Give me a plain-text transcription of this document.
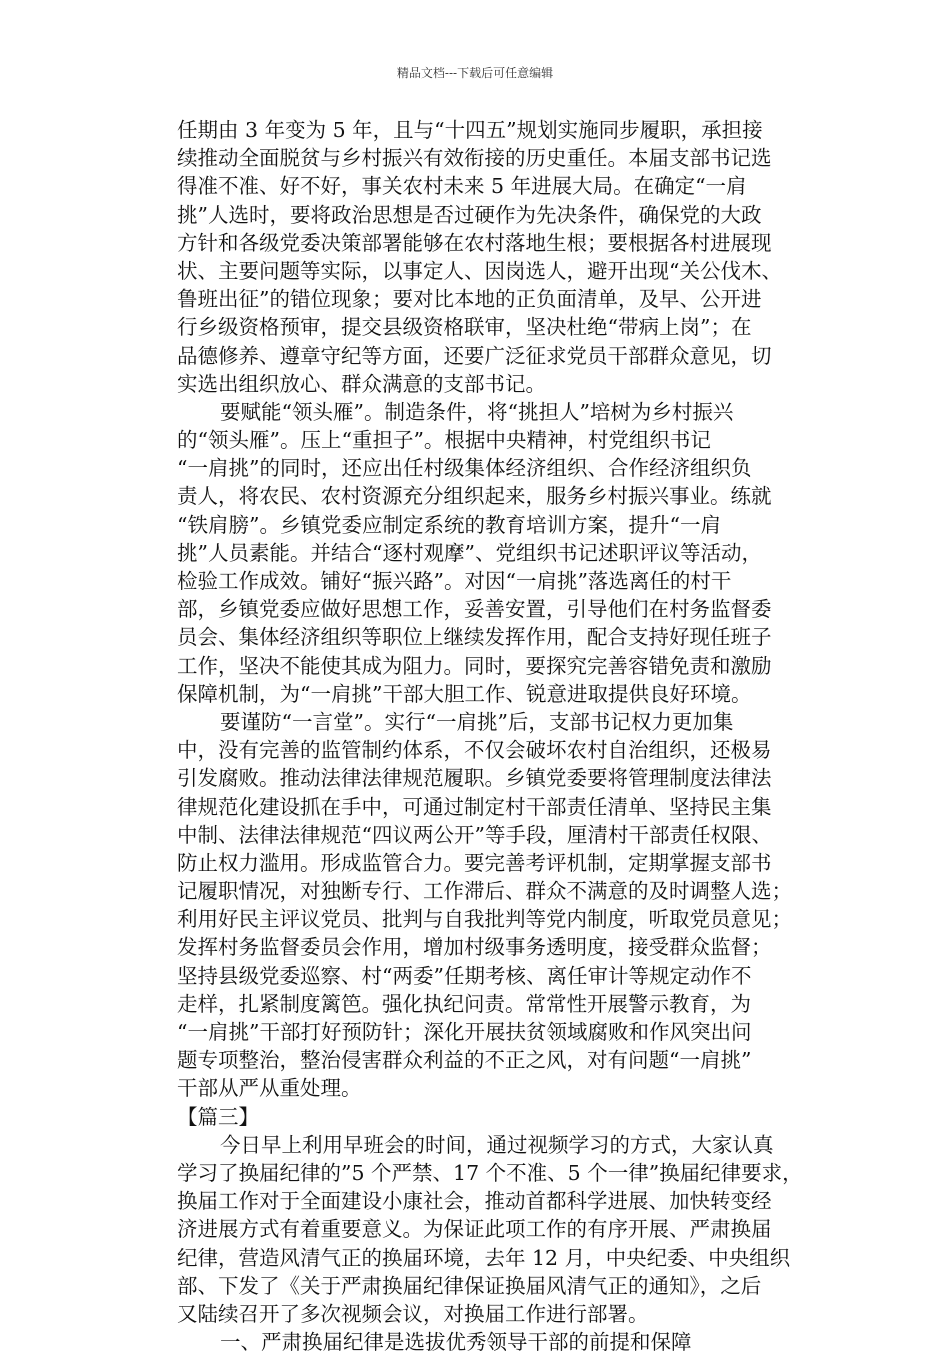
精品文档---下载后可任意编辑
任期由 3 年变为 5 年，且与“十四五”规划实施同步履职，承担接
续推动全面脱贫与乡村振兴有效衔接的历史重任。本届支部书记选
得准不准、好不好，事关农村未来 5 年进展大局。在确定“一肩
挑”人选时，要将政治思想是否过硬作为先决条件，确保党的大政
方针和各级党委决策部署能够在农村落地生根；要根据各村进展现
状、主要问题等实际，以事定人、因岗选人，避开出现“关公伐木、
鲁班出征”的错位现象；要对比本地的正负面清单，及早、公开进
行乡级资格预审，提交县级资格联审，坚决杜绝“带病上岗”；在
品德修养、遵章守纪等方面，还要广泛征求党员干部群众意见，切
实选出组织放心、群众满意的支部书记。
要赋能“领头雁”。制造条件，将“挑担人”培树为乡村振兴
的“领头雁”。压上“重担子”。根据中央精神，村党组织书记
“一肩挑”的同时，还应出任村级集体经济组织、合作经济组织负
责人，将农民、农村资源充分组织起来，服务乡村振兴事业。练就
“铁肩膀”。乡镇党委应制定系统的教育培训方案，提升“一肩
挑”人员素能。并结合“逐村观摩”、党组织书记述职评议等活动，
检验工作成效。铺好“振兴路”。对因“一肩挑”落选离任的村干
部，乡镇党委应做好思想工作，妥善安置，引导他们在村务监督委
员会、集体经济组织等职位上继续发挥作用，配合支持好现任班子
工作，坚决不能使其成为阻力。同时，要探究完善容错免责和激励
保障机制，为“一肩挑”干部大胆工作、锐意进取提供良好环境。
要谨防“一言堂”。实行“一肩挑”后，支部书记权力更加集
中，没有完善的监管制约体系，不仅会破坏农村自治组织，还极易
引发腐败。推动法律法律规范履职。乡镇党委要将管理制度法律法
律规范化建设抓在手中，可通过制定村干部责任清单、坚持民主集
中制、法律法律规范“四议两公开”等手段，厘清村干部责任权限、
防止权力滥用。形成监管合力。要完善考评机制，定期掌握支部书
记履职情况，对独断专行、工作滞后、群众不满意的及时调整人选；
利用好民主评议党员、批判与自我批判等党内制度，听取党员意见；
发挥村务监督委员会作用，增加村级事务透明度，接受群众监督；
坚持县级党委巡察、村“两委”任期考核、离任审计等规定动作不
走样，扎紧制度篱笆。强化执纪问责。常常性开展警示教育，为
“一肩挑”干部打好预防针；深化开展扶贫领域腐败和作风突出问
题专项整治，整治侵害群众利益的不正之风，对有问题“一肩挑”
干部从严从重处理。
【篇三】
今日早上利用早班会的时间，通过视频学习的方式，大家认真
学习了换届纪律的”5 个严禁、17 个不准、5 个一律”换届纪律要求，
换届工作对于全面建设小康社会，推动首都科学进展、加快转变经
济进展方式有着重要意义。为保证此项工作的有序开展、严肃换届
纪律，营造风清气正的换届环境，去年 12 月，中央纪委、中央组织
部、下发了《关于严肃换届纪律保证换届风清气正的通知》，之后
又陆续召开了多次视频会议，对换届工作进行部署。
一、严肃换届纪律是选拔优秀领导干部的前提和保障
